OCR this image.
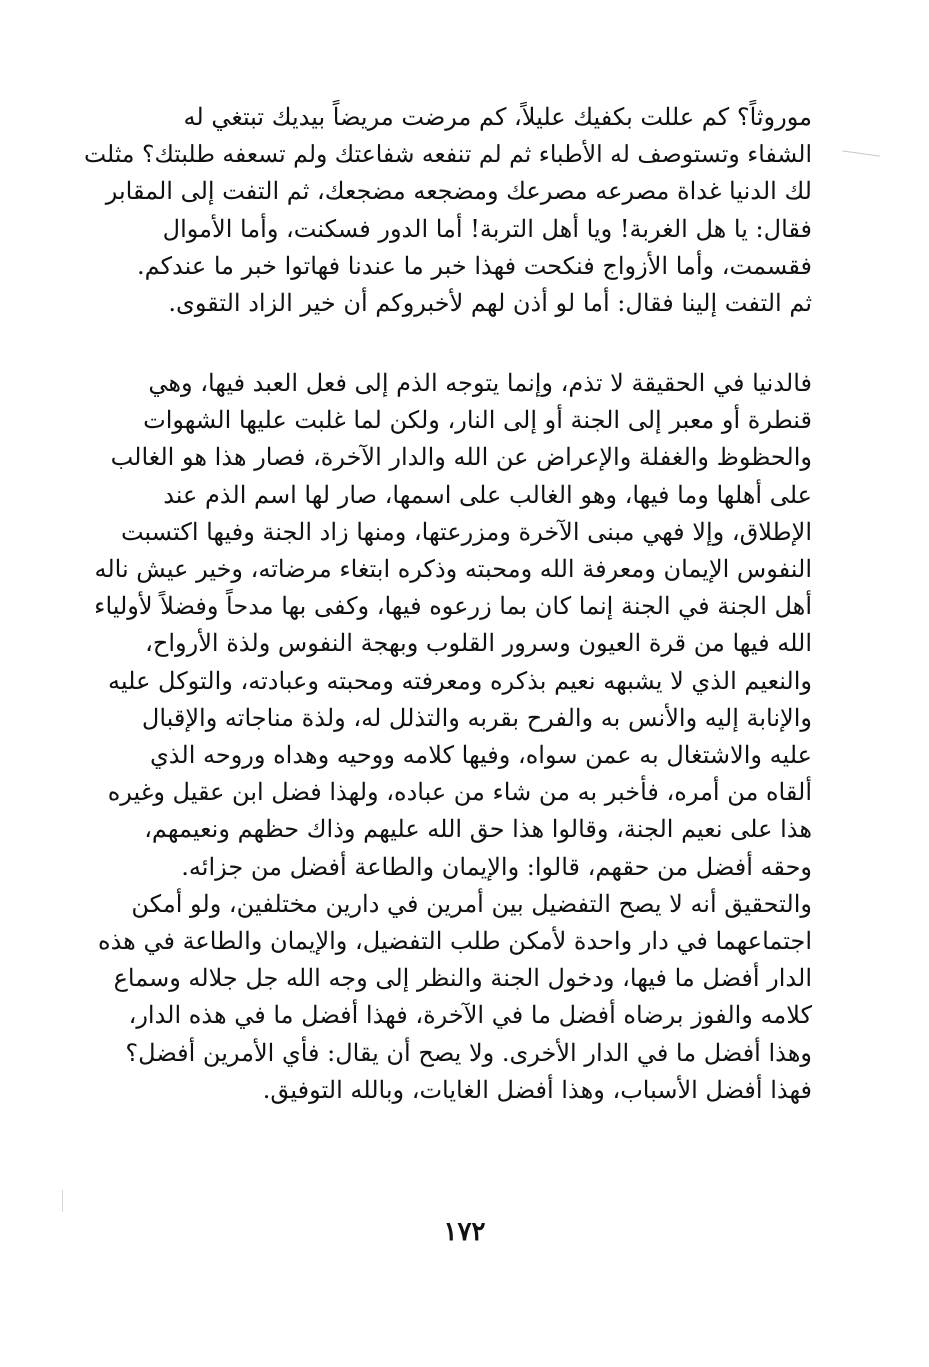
موروثاً؟ كم عللت بكفيك عليلاً، كم مرضت مريضاً بيديك تبتغي له
الشفاء وتستوصف له الأطباء ثم لم تنفعه شفاعتك ولم تسعفه طلبتك؟ مثلت
لك الدنيا غداة مصرعه مصرعك ومضجعه مضجعك، ثم التفت إلى المقابر
فقال: يا هل الغربة! ويا أهل التربة! أما الدور فسكنت، وأما الأموال
فقسمت، وأما الأزواج فنكحت فهذا خبر ما عندنا فهاتوا خبر ما عندكم.
ثم التفت إلينا فقال: أما لو أذن لهم لأخبروكم أن خير الزاد التقوى.
فالدنيا في الحقيقة لا تذم، وإنما يتوجه الذم إلى فعل العبد فيها، وهي
قنطرة أو معبر إلى الجنة أو إلى النار، ولكن لما غلبت عليها الشهوات
والحظوظ والغفلة والإعراض عن الله والدار الآخرة، فصار هذا هو الغالب
على أهلها وما فيها، وهو الغالب على اسمها، صار لها اسم الذم عند
الإطلاق، وإلا فهي مبنى الآخرة ومزرعتها، ومنها زاد الجنة وفيها اكتسبت
النفوس الإيمان ومعرفة الله ومحبته وذكره ابتغاء مرضاته، وخير عيش ناله
أهل الجنة في الجنة إنما كان بما زرعوه فيها، وكفى بها مدحاً وفضلاً لأولياء
الله فيها من قرة العيون وسرور القلوب وبهجة النفوس ولذة الأرواح،
والنعيم الذي لا يشبهه نعيم بذكره ومعرفته ومحبته وعبادته، والتوكل عليه
والإنابة إليه والأنس به والفرح بقربه والتذلل له، ولذة مناجاته والإقبال
عليه والاشتغال به عمن سواه، وفيها كلامه ووحيه وهداه وروحه الذي
ألقاه من أمره، فأخبر به من شاء من عباده، ولهذا فضل ابن عقيل وغيره
هذا على نعيم الجنة، وقالوا هذا حق الله عليهم وذاك حظهم ونعيمهم،
وحقه أفضل من حقهم، قالوا: والإيمان والطاعة أفضل من جزائه.
والتحقيق أنه لا يصح التفضيل بين أمرين في دارين مختلفين، ولو أمكن
اجتماعهما في دار واحدة لأمكن طلب التفضيل، والإيمان والطاعة في هذه
الدار أفضل ما فيها، ودخول الجنة والنظر إلى وجه الله جل جلاله وسماع
كلامه والفوز برضاه أفضل ما في الآخرة، فهذا أفضل ما في هذه الدار،
وهذا أفضل ما في الدار الأخرى. ولا يصح أن يقال: فأي الأمرين أفضل؟
فهذا أفضل الأسباب، وهذا أفضل الغايات، وبالله التوفيق.
١٧٢
